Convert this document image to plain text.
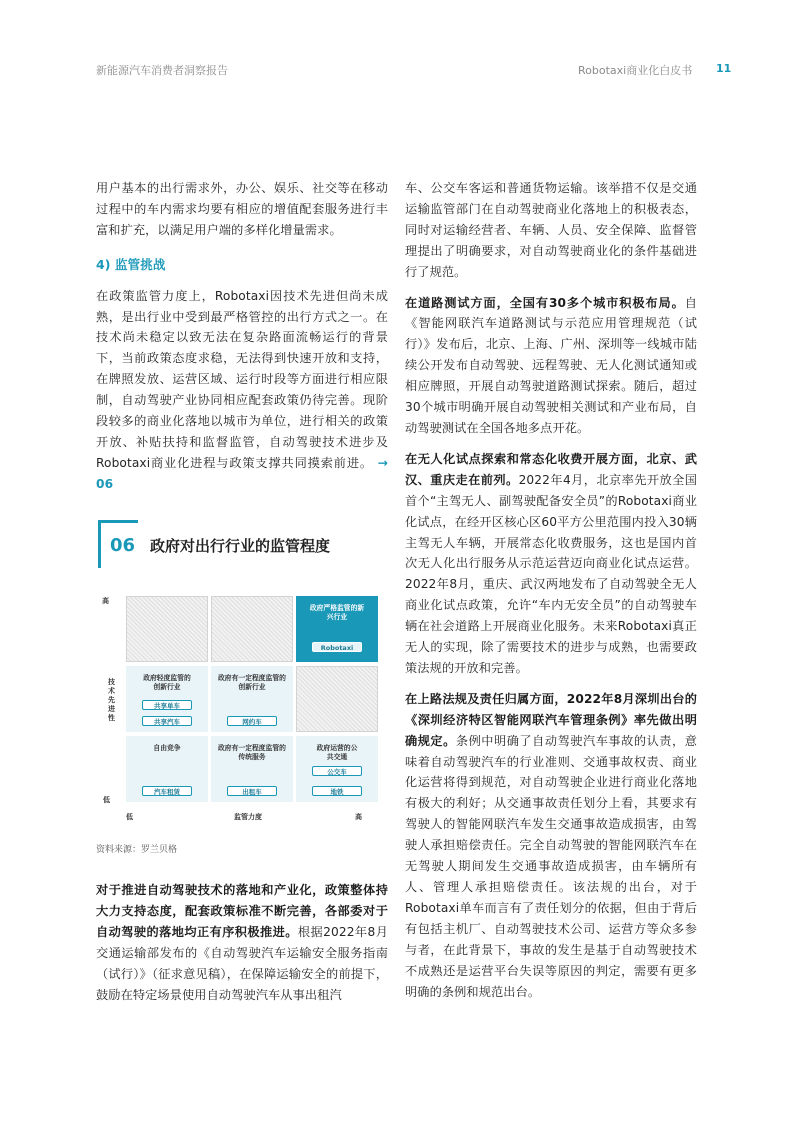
新能源汽车消费者洞察报告	Robotaxi商业化白皮书 11

用户基本的出行需求外，办公、娱乐、社交等在移动过程中的车内需求均要有相应的增值配套服务进行丰富和扩充，以满足用户端的多样化增量需求。

4) 监管挑战

在政策监管力度上，Robotaxi因技术先进但尚未成熟，是出行业中受到最严格管控的出行方式之一。在技术尚未稳定以致无法在复杂路面流畅运行的背景下，当前政策态度求稳，无法得到快速开放和支持，在牌照发放、运营区域、运行时段等方面进行相应限制，自动驾驶产业协同相应配套政策仍待完善。现阶段较多的商业化落地以城市为单位，进行相关的政策开放、补贴扶持和监督监管，自动驾驶技术进步及Robotaxi商业化进程与政策支撑共同摸索前进。 → 06

06 政府对出行行业的监管程度
高
低
技术先进性
低	监管力度	高
政府严格监管的新兴行业
Robotaxi
政府轻度监管的创新行业
共享单车
共享汽车
政府有一定程度监管的创新行业
网约车
自由竞争
汽车租赁
政府有一定程度监管的传统服务
出租车
政府运营的公共交通
公交车
地铁
资料来源：罗兰贝格

对于推进自动驾驶技术的落地和产业化，政策整体持大力支持态度，配套政策标准不断完善，各部委对于自动驾驶的落地均正有序积极推进。根据2022年8月交通运输部发布的《自动驾驶汽车运输安全服务指南（试行）》（征求意见稿），在保障运输安全的前提下，鼓励在特定场景使用自动驾驶汽车从事出租汽

车、公交车客运和普通货物运输。该举措不仅是交通运输监管部门在自动驾驶商业化落地上的积极表态，同时对运输经营者、车辆、人员、安全保障、监督管理提出了明确要求，对自动驾驶商业化的条件基础进行了规范。

在道路测试方面，全国有30多个城市积极布局。自《智能网联汽车道路测试与示范应用管理规范（试行）》发布后，北京、上海、广州、深圳等一线城市陆续公开发布自动驾驶、远程驾驶、无人化测试通知或相应牌照，开展自动驾驶道路测试探索。随后，超过30个城市明确开展自动驾驶相关测试和产业布局，自动驾驶测试在全国各地多点开花。

在无人化试点探索和常态化收费开展方面，北京、武汉、重庆走在前列。2022年4月，北京率先开放全国首个“主驾无人、副驾驶配备安全员”的Robotaxi商业化试点，在经开区核心区60平方公里范围内投入30辆主驾无人车辆，开展常态化收费服务，这也是国内首次无人化出行服务从示范运营迈向商业化试点运营。2022年8月，重庆、武汉两地发布了自动驾驶全无人商业化试点政策，允许“车内无安全员”的自动驾驶车辆在社会道路上开展商业化服务。未来Robotaxi真正无人的实现，除了需要技术的进步与成熟，也需要政策法规的开放和完善。

在上路法规及责任归属方面，2022年8月深圳出台的《深圳经济特区智能网联汽车管理条例》率先做出明确规定。条例中明确了自动驾驶汽车事故的认责，意味着自动驾驶汽车的行业准则、交通事故权责、商业化运营将得到规范，对自动驾驶企业进行商业化落地有极大的利好；从交通事故责任划分上看，其要求有驾驶人的智能网联汽车发生交通事故造成损害，由驾驶人承担赔偿责任。完全自动驾驶的智能网联汽车在无驾驶人期间发生交通事故造成损害，由车辆所有人、管理人承担赔偿责任。该法规的出台，对于Robotaxi单车而言有了责任划分的依据，但由于背后有包括主机厂、自动驾驶技术公司、运营方等众多参与者，在此背景下，事故的发生是基于自动驾驶技术不成熟还是运营平台失误等原因的判定，需要有更多明确的条例和规范出台。
